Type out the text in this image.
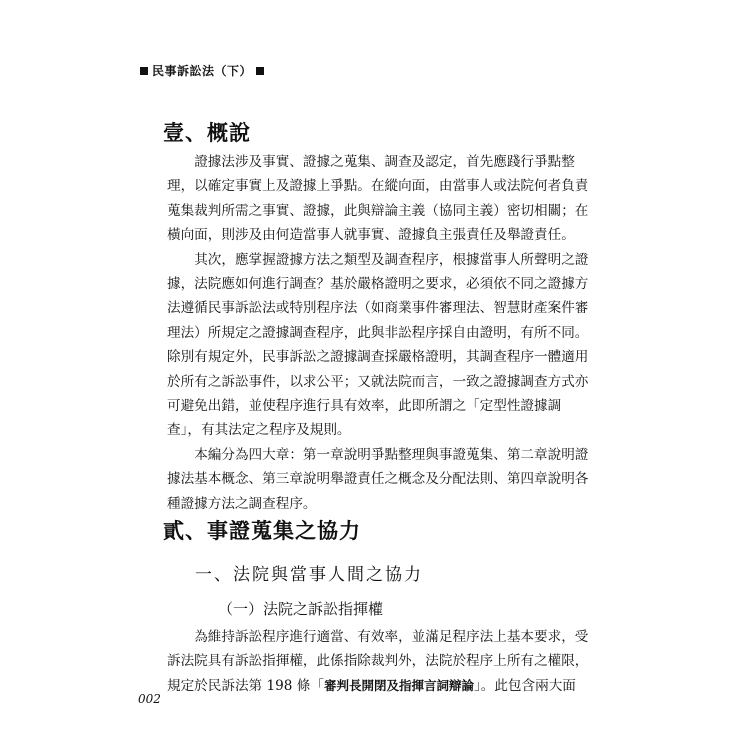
民事訴訟法（下）
壹、概說

證據法涉及事實、證據之蒐集、調查及認定，首先應踐行爭點整
理，以確定事實上及證據上爭點。在縱向面，由當事人或法院何者負責
蒐集裁判所需之事實、證據，此與辯論主義（協同主義）密切相關；在
橫向面，則涉及由何造當事人就事實、證據負主張責任及舉證責任。

其次，應掌握證據方法之類型及調查程序，根據當事人所聲明之證
據，法院應如何進行調查？基於嚴格證明之要求，必須依不同之證據方
法遵循民事訴訟法或特別程序法（如商業事件審理法、智慧財產案件審
理法）所規定之證據調查程序，此與非訟程序採自由證明，有所不同。
除別有規定外，民事訴訟之證據調查採嚴格證明，其調查程序一體適用
於所有之訴訟事件，以求公平；又就法院而言，一致之證據調查方式亦
可避免出錯，並使程序進行具有效率，此即所謂之「定型性證據調
查」，有其法定之程序及規則。

本編分為四大章：第一章說明爭點整理與事證蒐集、第二章說明證
據法基本概念、第三章說明舉證責任之概念及分配法則、第四章說明各
種證據方法之調查程序。

貳、事證蒐集之協力
一、法院與當事人間之協力
（一）法院之訴訟指揮權

為維持訴訟程序進行適當、有效率，並滿足程序法上基本要求，受
訴法院具有訴訟指揮權，此係指除裁判外，法院於程序上所有之權限，
規定於民訴法第 198 條「審判長開閉及指揮言詞辯論」。此包含兩大面

002
